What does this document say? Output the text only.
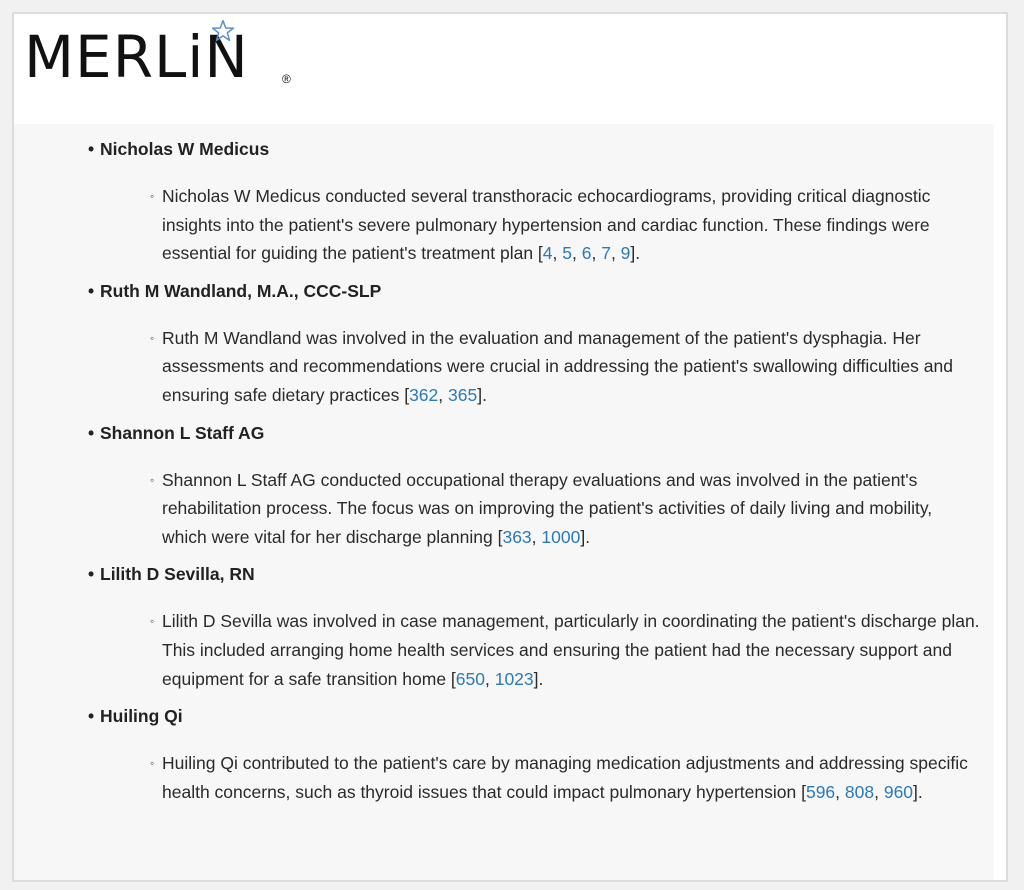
MERLiN	®
• Nicholas W Medicus
◦ Nicholas W Medicus conducted several transthoracic echocardiograms, providing critical diagnostic insights into the patient's severe pulmonary hypertension and cardiac function. These findings were essential for guiding the patient's treatment plan [4, 5, 6, 7, 9].
• Ruth M Wandland, M.A., CCC-SLP
◦ Ruth M Wandland was involved in the evaluation and management of the patient's dysphagia. Her assessments and recommendations were crucial in addressing the patient's swallowing difficulties and ensuring safe dietary practices [362, 365].
• Shannon L Staff AG
◦ Shannon L Staff AG conducted occupational therapy evaluations and was involved in the patient's rehabilitation process. The focus was on improving the patient's activities of daily living and mobility, which were vital for her discharge planning [363, 1000].
• Lilith D Sevilla, RN
◦ Lilith D Sevilla was involved in case management, particularly in coordinating the patient's discharge plan. This included arranging home health services and ensuring the patient had the necessary support and equipment for a safe transition home [650, 1023].
• Huiling Qi
◦ Huiling Qi contributed to the patient's care by managing medication adjustments and addressing specific health concerns, such as thyroid issues that could impact pulmonary hypertension [596, 808, 960].
